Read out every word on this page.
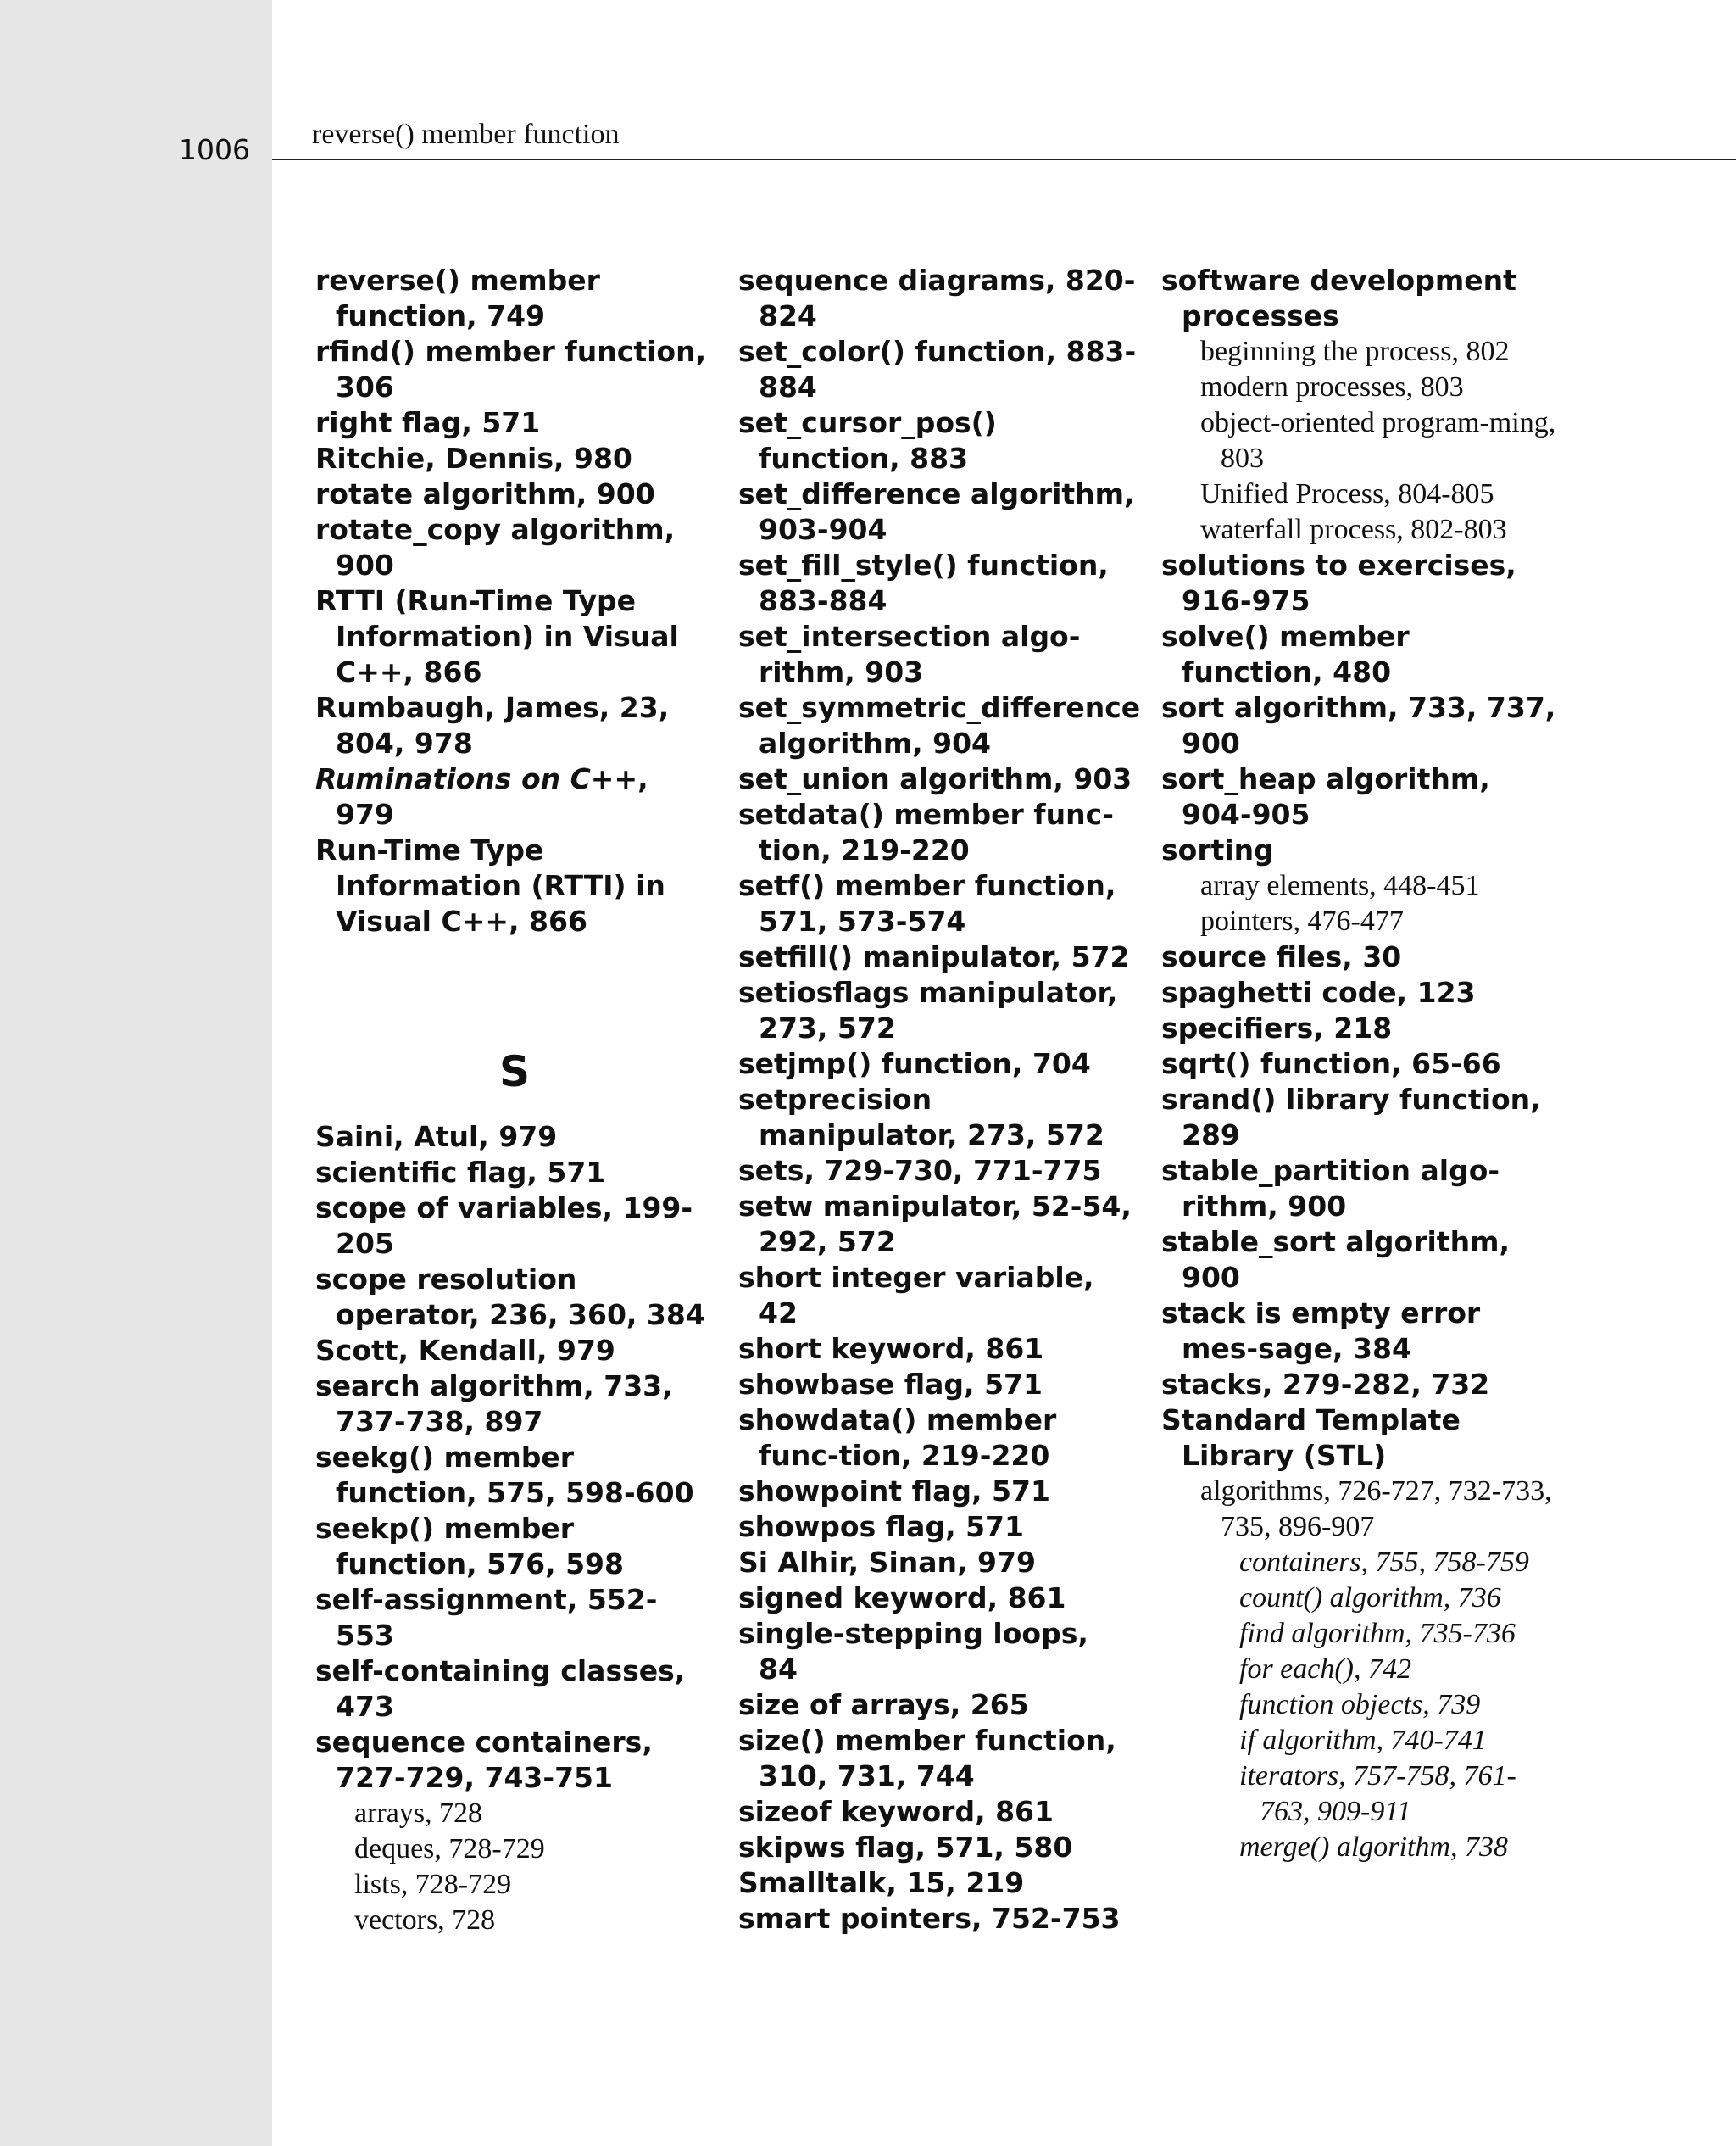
1006 reverse() member function

reverse() member function, 749

rfind() member function, 306

right flag, 571

Ritchie, Dennis, 980

rotate algorithm, 900

rotate_copy algorithm, 900

RTTI (Run-Time Type Information) in Visual C++, 866

Rumbaugh, James, 23, 804, 978

Ruminations on C++, 979

Run-Time Type Information (RTTI) in Visual C++, 866

S

Saini, Atul, 979

scientific flag, 571

scope of variables, 199-205

scope resolution operator, 236, 360, 384

Scott, Kendall, 979

search algorithm, 733, 737-738, 897

seekg() member function, 575, 598-600

seekp() member function, 576, 598

self-assignment, 552-553

self-containing classes, 473

sequence containers, 727-729, 743-751

arrays, 728

deques, 728-729

lists, 728-729

vectors, 728

sequence diagrams, 820-824

set_color() function, 883-884

set_cursor_pos() function, 883

set_difference algorithm, 903-904

set_fill_style() function, 883-884

set_intersection algo-rithm, 903

set_symmetric_difference algorithm, 904

set_union algorithm, 903

setdata() member func-tion, 219-220

setf() member function, 571, 573-574

setfill() manipulator, 572

setiosflags manipulator, 273, 572

setjmp() function, 704

setprecision manipulator, 273, 572

sets, 729-730, 771-775

setw manipulator, 52-54, 292, 572

short integer variable, 42

short keyword, 861

showbase flag, 571

showdata() member func-tion, 219-220

showpoint flag, 571

showpos flag, 571

Si Alhir, Sinan, 979

signed keyword, 861

single-stepping loops, 84

size of arrays, 265

size() member function, 310, 731, 744

sizeof keyword, 861

skipws flag, 571, 580

Smalltalk, 15, 219

smart pointers, 752-753

software development processes

beginning the process, 802

modern processes, 803

object-oriented program-ming, 803

Unified Process, 804-805

waterfall process, 802-803

solutions to exercises, 916-975

solve() member function, 480

sort algorithm, 733, 737, 900

sort_heap algorithm, 904-905

sorting

array elements, 448-451

pointers, 476-477

source files, 30

spaghetti code, 123

specifiers, 218

sqrt() function, 65-66

srand() library function, 289

stable_partition algo-rithm, 900

stable_sort algorithm, 900

stack is empty error mes-sage, 384

stacks, 279-282, 732

Standard Template Library (STL)

algorithms, 726-727, 732-733, 735, 896-907

containers, 755, 758-759

count() algorithm, 736

find algorithm, 735-736

for each(), 742

function objects, 739

if algorithm, 740-741

iterators, 757-758, 761-763, 909-911

merge() algorithm, 738
